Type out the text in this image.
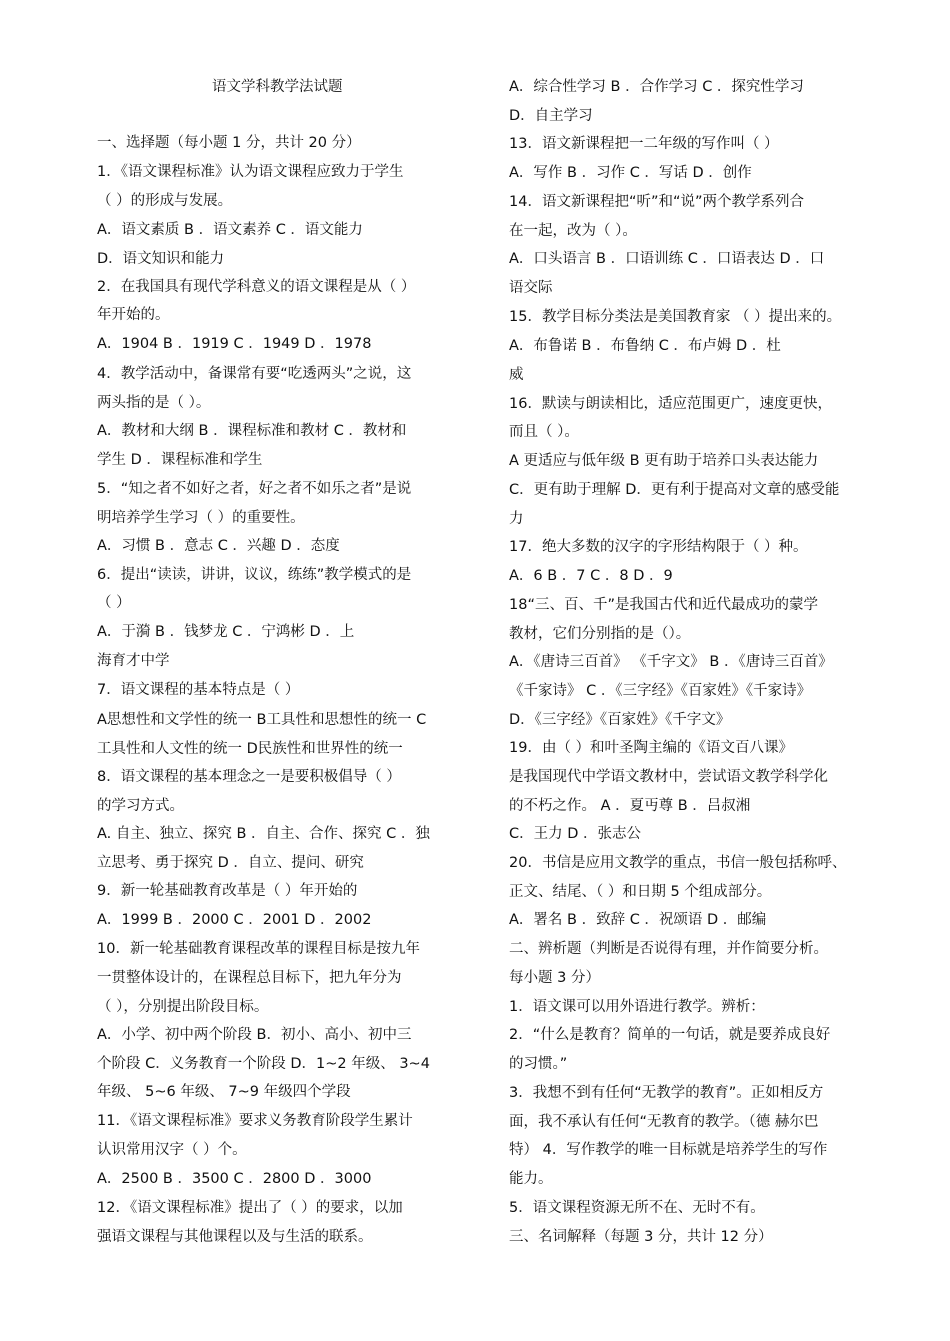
语文学科教学法试题
一、选择题（每小题 1 分，共计 20 分）
1．《语文课程标准》认为语文课程应致力于学生
（ ）的形成与发展。
A．语文素质 B ．语文素养 C ．语文能力
D．语文知识和能力
2．在我国具有现代学科意义的语文课程是从（ ）
年开始的。
A．1904 B ．1919 C ．1949 D ．1978
4．教学活动中，备课常有要“吃透两头”之说，这
两头指的是（ ）。
A．教材和大纲 B ．课程标准和教材 C ．教材和
学生 D ．课程标准和学生
5．“知之者不如好之者，好之者不如乐之者”是说
明培养学生学习（ ）的重要性。
A．习惯 B ．意志 C ．兴趣 D ．态度
6．提出“读读，讲讲，议议，练练”教学模式的是
（ ）
A．于漪 B ．钱梦龙 C ．宁鸿彬 D ．上
海育才中学
7．语文课程的基本特点是（ ）
A思想性和文学性的统一 B工具性和思想性的统一 C
工具性和人文性的统一 D民族性和世界性的统一
8．语文课程的基本理念之一是要积极倡导（ ）
的学习方式。
A. 自主、独立、探究 B ．自主、合作、探究 C ．独
立思考、勇于探究 D ．自立、提问、研究
9．新一轮基础教育改革是（ ）年开始的
A．1999 B ．2000 C ．2001 D ．2002
10．新一轮基础教育课程改革的课程目标是按九年
一贯整体设计的，在课程总目标下，把九年分为
（ ），分别提出阶段目标。
A．小学、初中两个阶段 B．初小、高小、初中三
个阶段 C．义务教育一个阶段 D．1~2 年级、 3~4
年级、 5~6 年级、 7~9 年级四个学段
11．《语文课程标准》要求义务教育阶段学生累计
认识常用汉字（ ）个。
A．2500 B ．3500 C ．2800 D ．3000
12．《语文课程标准》提出了（ ）的要求，以加
强语文课程与其他课程以及与生活的联系。
A．综合性学习 B ．合作学习 C ．探究性学习
D．自主学习
13．语文新课程把一二年级的写作叫（ ）
A．写作 B ．习作 C ．写话 D ．创作
14．语文新课程把“听”和“说”两个教学系列合
在一起，改为（ ）。
A．口头语言 B ．口语训练 C ．口语表达 D ．口
语交际
15．教学目标分类法是美国教育家 （ ）提出来的。
A．布鲁诺 B ．布鲁纳 C ．布卢姆 D ．杜
威
16．默读与朗读相比，适应范围更广，速度更快，
而且（ ）。
A 更适应与低年级 B 更有助于培养口头表达能力
C．更有助于理解 D．更有利于提高对文章的感受能
力
17．绝大多数的汉字的字形结构限于（ ）种。
A．6 B ．7 C ．8 D ．9
18“三、百、千”是我国古代和近代最成功的蒙学
教材，它们分别指的是（）。
A．《唐诗三百首》 《千字文》 B ．《唐诗三百首》
《千家诗》 C ．《三字经》《百家姓》《千家诗》
D．《三字经》《百家姓》《千字文》
19．由（ ）和叶圣陶主编的《语文百八课》
是我国现代中学语文教材中，尝试语文教学科学化
的不朽之作。 A ．夏丏尊 B ．吕叔湘
C．王力 D ．张志公
20．书信是应用文教学的重点，书信一般包括称呼、
正文、结尾、（ ）和日期 5 个组成部分。
A．署名 B ．致辞 C ．祝颂语 D ．邮编
二、辨析题（判断是否说得有理，并作简要分析。
每小题 3 分）
1．语文课可以用外语进行教学。辨析：
2．“什么是教育？简单的一句话，就是要养成良好
的习惯。”
3．我想不到有任何“无教学的教育”。正如相反方
面，我不承认有任何“无教育的教学。（德 赫尔巴
特） 4．写作教学的唯一目标就是培养学生的写作
能力。
5．语文课程资源无所不在、无时不有。
三、名词解释（每题 3 分，共计 12 分）
